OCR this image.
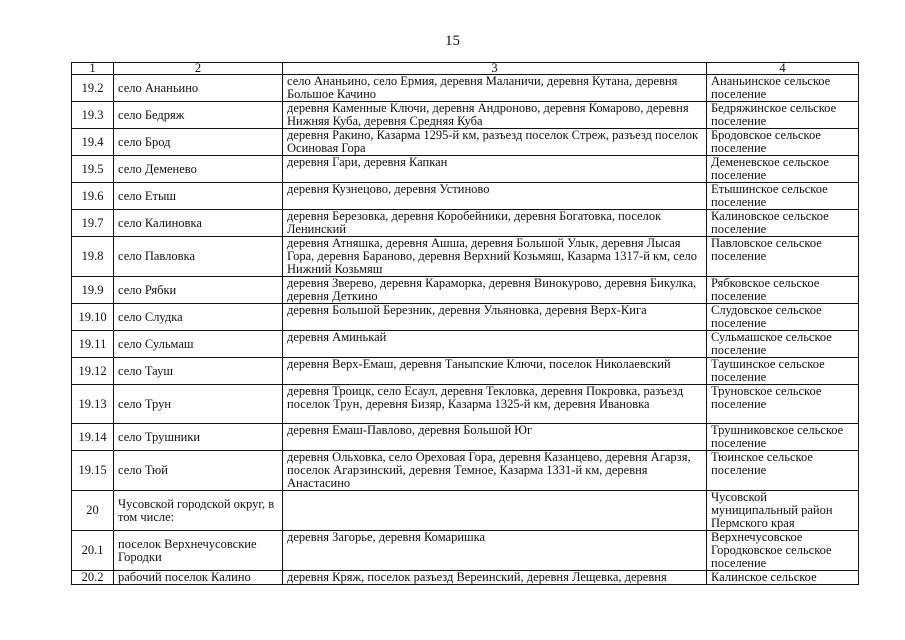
15
1	2	3	4
19.2	село Ананьино	село Ананьино, село Ермия, деревня Маланичи, деревня Кутана, деревня Большое Качино	Ананьинское сельское поселение
19.3	село Бедряж	деревня Каменные Ключи, деревня Андроново, деревня Комарово, деревня Нижняя Куба, деревня Средняя Куба	Бедряжинское сельское поселение
19.4	село Брод	деревня Ракино, Казарма 1295-й км, разъезд поселок Стреж, разъезд поселок Осиновая Гора	Бродовское сельское поселение
19.5	село Деменево	деревня Гари, деревня Капкан	Деменевское сельское поселение
19.6	село Етыш	деревня Кузнецово, деревня Устиново	Етышинское сельское поселение
19.7	село Калиновка	деревня Березовка, деревня Коробейники, деревня Богатовка, поселок Ленинский	Калиновское сельское поселение
19.8	село Павловка	деревня Атняшка, деревня Ашша, деревня Большой Улык, деревня Лысая Гора, деревня Бараново, деревня Верхний Козьмяш, Казарма 1317-й км, село Нижний Козьмяш	Павловское сельское поселение
19.9	село Рябки	деревня Зверево, деревня Караморка, деревня Винокурово, деревня Бикулка, деревня Деткино	Рябковское сельское поселение
19.10	село Слудка	деревня Большой Березник, деревня Ульяновка, деревня Верх-Кига	Слудовское сельское поселение
19.11	село Сульмаш	деревня Аминькай	Сульмашское сельское поселение
19.12	село Тауш	деревня Верх-Емаш, деревня Таныпские Ключи, поселок Николаевский	Таушинское сельское поселение
19.13	село Трун	деревня Троицк, село Есаул, деревня Текловка, деревня Покровка, разъезд поселок Трун, деревня Бизяр, Казарма 1325-й км, деревня Ивановка	Труновское сельское поселение
19.14	село Трушники	деревня Емаш-Павлово, деревня Большой Юг	Трушниковское сельское поселение
19.15	село Тюй	деревня Ольховка, село Ореховая Гора, деревня Казанцево, деревня Агарзя, поселок Агарзинский, деревня Темное, Казарма 1331-й км, деревня Анастасино	Тюинское сельское поселение
20	Чусовской городской округ, в том числе:		Чусовской муниципальный район Пермского края
20.1	поселок Верхнечусовские Городки	деревня Загорье, деревня Комаришка	Верхнечусовское Городковское сельское поселение
20.2	рабочий поселок Калино	деревня Кряж, поселок разъезд Вереинский, деревня Лещевка, деревня	Калинское сельское
